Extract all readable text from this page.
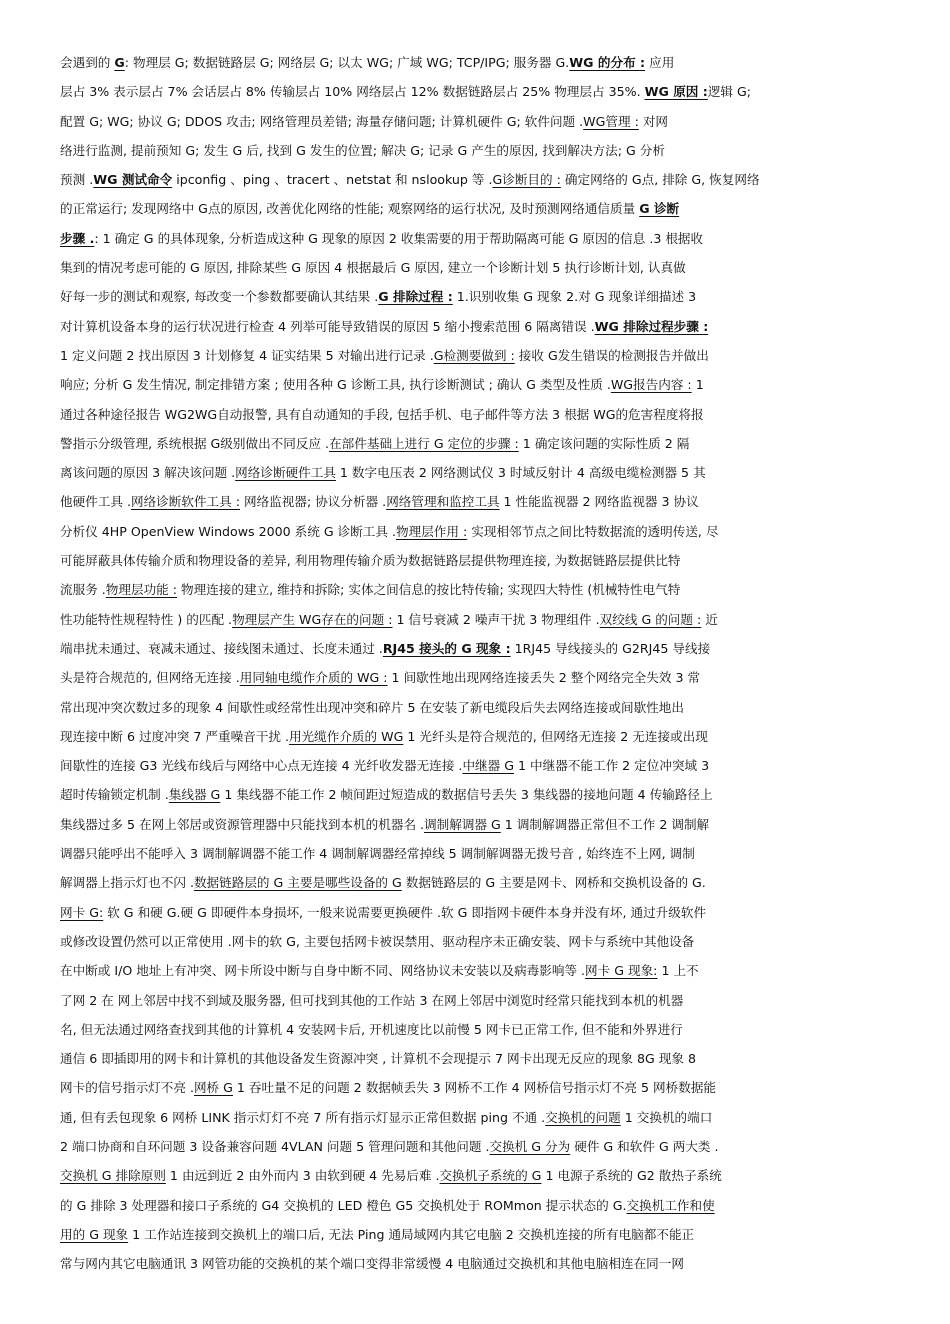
会遇到的 G: 物理层 G; 数据链路层 G; 网络层 G; 以太 WG; 广域 WG; TCP/IPG; 服务器 G.WG 的分布 : 应用
层占 3% 表示层占 7% 会话层占 8% 传输层占 10% 网络层占 12% 数据链路层占 25% 物理层占 35%. WG 原因 :逻辑 G;
配置 G; WG; 协议 G; DDOS 攻击; 网络管理员差错; 海量存储问题; 计算机硬件 G; 软件问题 .WG管理 : 对网
络进行监测, 提前预知 G; 发生 G 后, 找到 G 发生的位置; 解决 G; 记录 G 产生的原因, 找到解决方法; G 分析
预测 .WG 测试命令 ipconfig 、ping 、tracert 、netstat 和 nslookup 等 .G诊断目的 : 确定网络的 G点, 排除 G, 恢复网络
的正常运行; 发现网络中 G点的原因, 改善优化网络的性能; 观察网络的运行状况, 及时预测网络通信质量 G 诊断
步骤 .: 1 确定 G 的具体现象, 分析造成这种 G 现象的原因 2 收集需要的用于帮助隔离可能 G 原因的信息 .3 根据收
集到的情况考虑可能的 G 原因, 排除某些 G 原因 4 根据最后 G 原因, 建立一个诊断计划 5 执行诊断计划, 认真做
好每一步的测试和观察, 每改变一个参数都要确认其结果 .G 排除过程 : 1.识别收集 G 现象 2.对 G 现象详细描述 3
对计算机设备本身的运行状况进行检查 4 列举可能导致错误的原因 5 缩小搜索范围 6 隔离错误 .WG 排除过程步骤 :
1 定义问题 2 找出原因 3 计划修复 4 证实结果 5 对输出进行记录 .G检测要做到 : 接收 G发生错误的检测报告并做出
响应; 分析 G 发生情况, 制定排错方案 ; 使用各种 G 诊断工具, 执行诊断测试 ; 确认 G 类型及性质 .WG报告内容 : 1
通过各种途径报告 WG2WG自动报警, 具有自动通知的手段, 包括手机、电子邮件等方法 3 根据 WG的危害程度将报
警指示分级管理, 系统根据 G级别做出不同反应 .在部件基础上进行 G 定位的步骤 : 1 确定该问题的实际性质 2 隔
离该问题的原因 3 解决该问题 .网络诊断硬件工具 1 数字电压表 2 网络测试仪 3 时域反射计 4 高级电缆检测器 5 其
他硬件工具 .网络诊断软件工具 : 网络监视器; 协议分析器 .网络管理和监控工具 1 性能监视器 2 网络监视器 3 协议
分析仪 4HP OpenView Windows 2000 系统 G 诊断工具 .物理层作用 : 实现相邻节点之间比特数据流的透明传送, 尽
可能屏蔽具体传输介质和物理设备的差异, 利用物理传输介质为数据链路层提供物理连接, 为数据链路层提供比特
流服务 .物理层功能 : 物理连接的建立, 维持和拆除; 实体之间信息的按比特传输; 实现四大特性 (机械特性电气特
性功能特性规程特性 ) 的匹配 .物理层产生 WG存在的问题 : 1 信号衰减 2 噪声干扰 3 物理组件 .双绞线 G 的问题 : 近
端串扰未通过、衰减未通过、接线图未通过、长度未通过 .RJ45 接头的 G 现象 : 1RJ45 导线接头的 G2RJ45 导线接
头是符合规范的, 但网络无连接 .用同轴电缆作介质的 WG : 1 间歇性地出现网络连接丢失 2 整个网络完全失效 3 常
常出现冲突次数过多的现象 4 间歇性或经常性出现冲突和碎片 5 在安装了新电缆段后失去网络连接或间歇性地出
现连接中断 6 过度冲突 7 严重噪音干扰 .用光缆作介质的 WG 1 光纤头是符合规范的, 但网络无连接 2 无连接或出现
间歇性的连接 G3 光线布线后与网络中心点无连接 4 光纤收发器无连接 .中继器 G 1 中继器不能工作 2 定位冲突域 3
超时传输锁定机制 .集线器 G 1 集线器不能工作 2 帧间距过短造成的数据信号丢失 3 集线器的接地问题 4 传输路径上
集线器过多 5 在网上邻居或资源管理器中只能找到本机的机器名 .调制解调器 G 1 调制解调器正常但不工作 2 调制解
调器只能呼出不能呼入 3 调制解调器不能工作 4 调制解调器经常掉线 5 调制解调器无拨号音 , 始终连不上网, 调制
解调器上指示灯也不闪 .数据链路层的 G 主要是哪些设备的 G 数据链路层的 G 主要是网卡、网桥和交换机设备的 G.
网卡 G: 软 G 和硬 G.硬 G 即硬件本身损坏, 一般来说需要更换硬件 .软 G 即指网卡硬件本身并没有坏, 通过升级软件
或修改设置仍然可以正常使用 .网卡的软 G, 主要包括网卡被误禁用、驱动程序未正确安装、网卡与系统中其他设备
在中断或 I/O 地址上有冲突、网卡所设中断与自身中断不同、网络协议未安装以及病毒影响等 .网卡 G 现象: 1 上不
了网 2 在 网上邻居中找不到域及服务器, 但可找到其他的工作站 3 在网上邻居中浏览时经常只能找到本机的机器
名, 但无法通过网络查找到其他的计算机 4 安装网卡后, 开机速度比以前慢 5 网卡已正常工作, 但不能和外界进行
通信 6 即插即用的网卡和计算机的其他设备发生资源冲突 , 计算机不会现提示 7 网卡出现无反应的现象 8G 现象 8
网卡的信号指示灯不亮 .网桥 G 1 吞吐量不足的问题 2 数据帧丢失 3 网桥不工作 4 网桥信号指示灯不亮 5 网桥数据能
通, 但有丢包现象 6 网桥 LINK 指示灯灯不亮 7 所有指示灯显示正常但数据 ping 不通 .交换机的问题 1 交换机的端口
2 端口协商和自环问题 3 设备兼容问题 4VLAN 问题 5 管理问题和其他问题 .交换机 G 分为 硬件 G 和软件 G 两大类 .
交换机 G 排除原则 1 由远到近 2 由外而内 3 由软到硬 4 先易后难 .交换机子系统的 G 1 电源子系统的 G2 散热子系统
的 G 排除 3 处理器和接口子系统的 G4 交换机的 LED 橙色 G5 交换机处于 ROMmon 提示状态的 G.交换机工作和使
用的 G 现象 1 工作站连接到交换机上的端口后, 无法 Ping 通局域网内其它电脑 2 交换机连接的所有电脑都不能正
常与网内其它电脑通讯 3 网管功能的交换机的某个端口变得非常缓慢 4 电脑通过交换机和其他电脑相连在同一网
